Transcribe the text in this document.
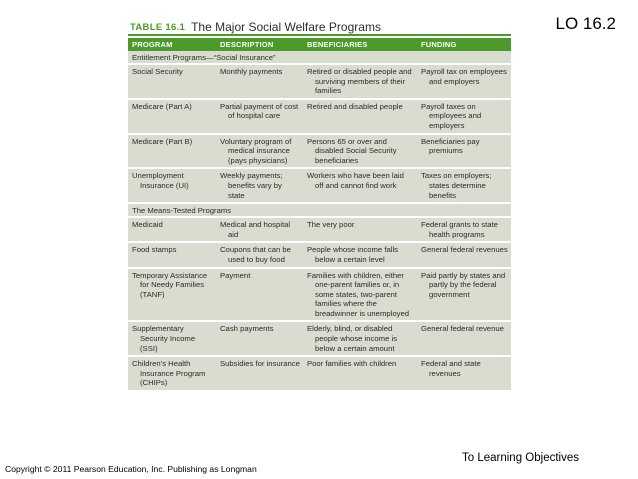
LO 16.2
TABLE 16.1 The Major Social Welfare Programs
PROGRAM	DESCRIPTION	BENEFICIARIES	FUNDING
Entitlement Programs—“Social Insurance”			

Social Security	Monthly payments	Retired or disabled people and surviving members of their families	Payroll tax on employees and employers

Medicare (Part A)	Partial payment of cost of hospital care	Retired and disabled people	Payroll taxes on employees and employers

Medicare (Part B)	Voluntary program of medical insurance (pays physicians)	Persons 65 or over and disabled Social Security beneficiaries	Beneficiaries pay premiums

Unemployment Insurance (UI)	Weekly payments; benefits vary by state	Workers who have been laid off and cannot find work	Taxes on employers; states determine benefits

The Means-Tested Programs			

Medicaid	Medical and hospital aid	The very poor	Federal grants to state health programs

Food stamps	Coupons that can be used to buy food	People whose income falls below a certain level	General federal revenues

Temporary Assistance for Needy Families (TANF)	Payment	Families with children, either one-parent families or, in some states, two-parent families where the breadwinner is unemployed	Paid partly by states and partly by the federal government

Supplementary Security Income (SSI)	Cash payments	Elderly, blind, or disabled people whose income is below a certain amount	General federal revenue

Children’s Health Insurance Program (CHIPs)	Subsidies for insurance	Poor families with children	Federal and state revenues
To Learning Objectives
Copyright © 2011 Pearson Education, Inc. Publishing as Longman
